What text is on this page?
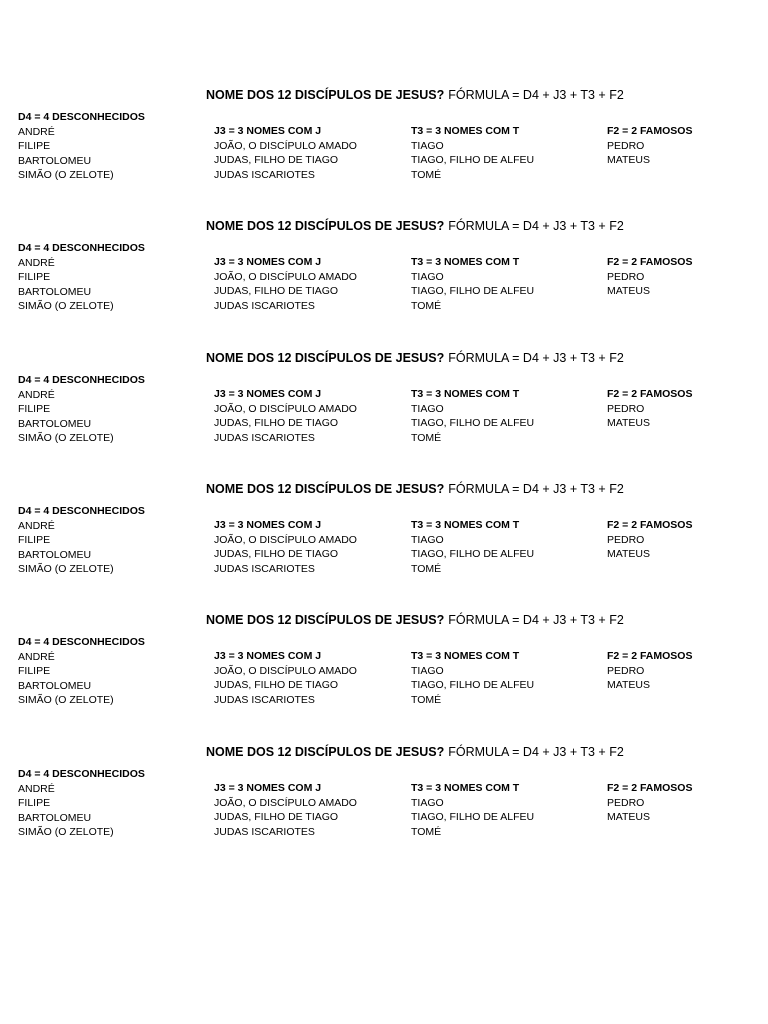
NOME DOS 12 DISCÍPULOS DE JESUS? FÓRMULA = D4 + J3 + T3 + F2
D4 = 4 DESCONHECIDOS
ANDRÉ
FILIPE
BARTOLOMEU
SIMÃO (O ZELOTE)
J3 = 3 NOMES COM J
JOÃO, O DISCÍPULO AMADO
JUDAS, FILHO DE TIAGO
JUDAS ISCARIOTES
T3 = 3 NOMES COM T
TIAGO
TIAGO, FILHO DE ALFEU
TOMÉ
F2 = 2 FAMOSOS
PEDRO
MATEUS
NOME DOS 12 DISCÍPULOS DE JESUS? FÓRMULA = D4 + J3 + T3 + F2
D4 = 4 DESCONHECIDOS
ANDRÉ
FILIPE
BARTOLOMEU
SIMÃO (O ZELOTE)
J3 = 3 NOMES COM J
JOÃO, O DISCÍPULO AMADO
JUDAS, FILHO DE TIAGO
JUDAS ISCARIOTES
T3 = 3 NOMES COM T
TIAGO
TIAGO, FILHO DE ALFEU
TOMÉ
F2 = 2 FAMOSOS
PEDRO
MATEUS
NOME DOS 12 DISCÍPULOS DE JESUS? FÓRMULA = D4 + J3 + T3 + F2
D4 = 4 DESCONHECIDOS
ANDRÉ
FILIPE
BARTOLOMEU
SIMÃO (O ZELOTE)
J3 = 3 NOMES COM J
JOÃO, O DISCÍPULO AMADO
JUDAS, FILHO DE TIAGO
JUDAS ISCARIOTES
T3 = 3 NOMES COM T
TIAGO
TIAGO, FILHO DE ALFEU
TOMÉ
F2 = 2 FAMOSOS
PEDRO
MATEUS
NOME DOS 12 DISCÍPULOS DE JESUS? FÓRMULA = D4 + J3 + T3 + F2
D4 = 4 DESCONHECIDOS
ANDRÉ
FILIPE
BARTOLOMEU
SIMÃO (O ZELOTE)
J3 = 3 NOMES COM J
JOÃO, O DISCÍPULO AMADO
JUDAS, FILHO DE TIAGO
JUDAS ISCARIOTES
T3 = 3 NOMES COM T
TIAGO
TIAGO, FILHO DE ALFEU
TOMÉ
F2 = 2 FAMOSOS
PEDRO
MATEUS
NOME DOS 12 DISCÍPULOS DE JESUS? FÓRMULA = D4 + J3 + T3 + F2
D4 = 4 DESCONHECIDOS
ANDRÉ
FILIPE
BARTOLOMEU
SIMÃO (O ZELOTE)
J3 = 3 NOMES COM J
JOÃO, O DISCÍPULO AMADO
JUDAS, FILHO DE TIAGO
JUDAS ISCARIOTES
T3 = 3 NOMES COM T
TIAGO
TIAGO, FILHO DE ALFEU
TOMÉ
F2 = 2 FAMOSOS
PEDRO
MATEUS
NOME DOS 12 DISCÍPULOS DE JESUS? FÓRMULA = D4 + J3 + T3 + F2
D4 = 4 DESCONHECIDOS
ANDRÉ
FILIPE
BARTOLOMEU
SIMÃO (O ZELOTE)
J3 = 3 NOMES COM J
JOÃO, O DISCÍPULO AMADO
JUDAS, FILHO DE TIAGO
JUDAS ISCARIOTES
T3 = 3 NOMES COM T
TIAGO
TIAGO, FILHO DE ALFEU
TOMÉ
F2 = 2 FAMOSOS
PEDRO
MATEUS
